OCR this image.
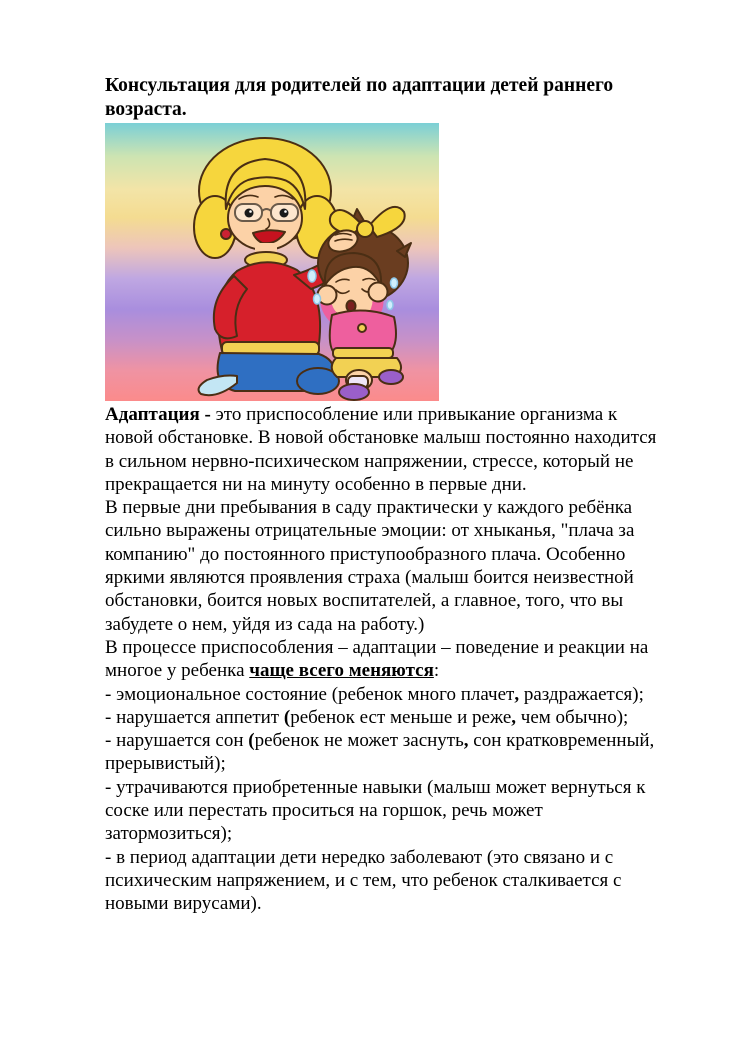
Консультация для родителей по адаптации детей раннего возраста.

Адаптация - это приспособление или привыкание организма к новой обстановке. В новой обстановке малыш постоянно находится в сильном нервно-психическом напряжении, стрессе, который не прекращается ни на минуту особенно в первые дни.

В первые дни пребывания в саду практически у каждого ребёнка сильно выражены отрицательные эмоции: от хныканья, "плача за компанию" до постоянного приступообразного плача. Особенно яркими являются проявления страха (малыш боится неизвестной обстановки, боится новых воспитателей, а главное, того, что вы забудете о нем, уйдя из сада на работу.)

В процессе приспособления – адаптации – поведение и реакции на многое у ребенка чаще всего меняются:

- эмоциональное состояние (ребенок много плачет, раздражается);

- нарушается аппетит (ребенок ест меньше и реже, чем обычно);

- нарушается сон (ребенок не может заснуть, сон кратковременный, прерывистый);

- утрачиваются приобретенные навыки (малыш может вернуться к соске или перестать проситься на горшок, речь может затормозиться);

- в период адаптации дети нередко заболевают (это связано и с психическим напряжением, и с тем, что ребенок сталкивается с новыми вирусами).
